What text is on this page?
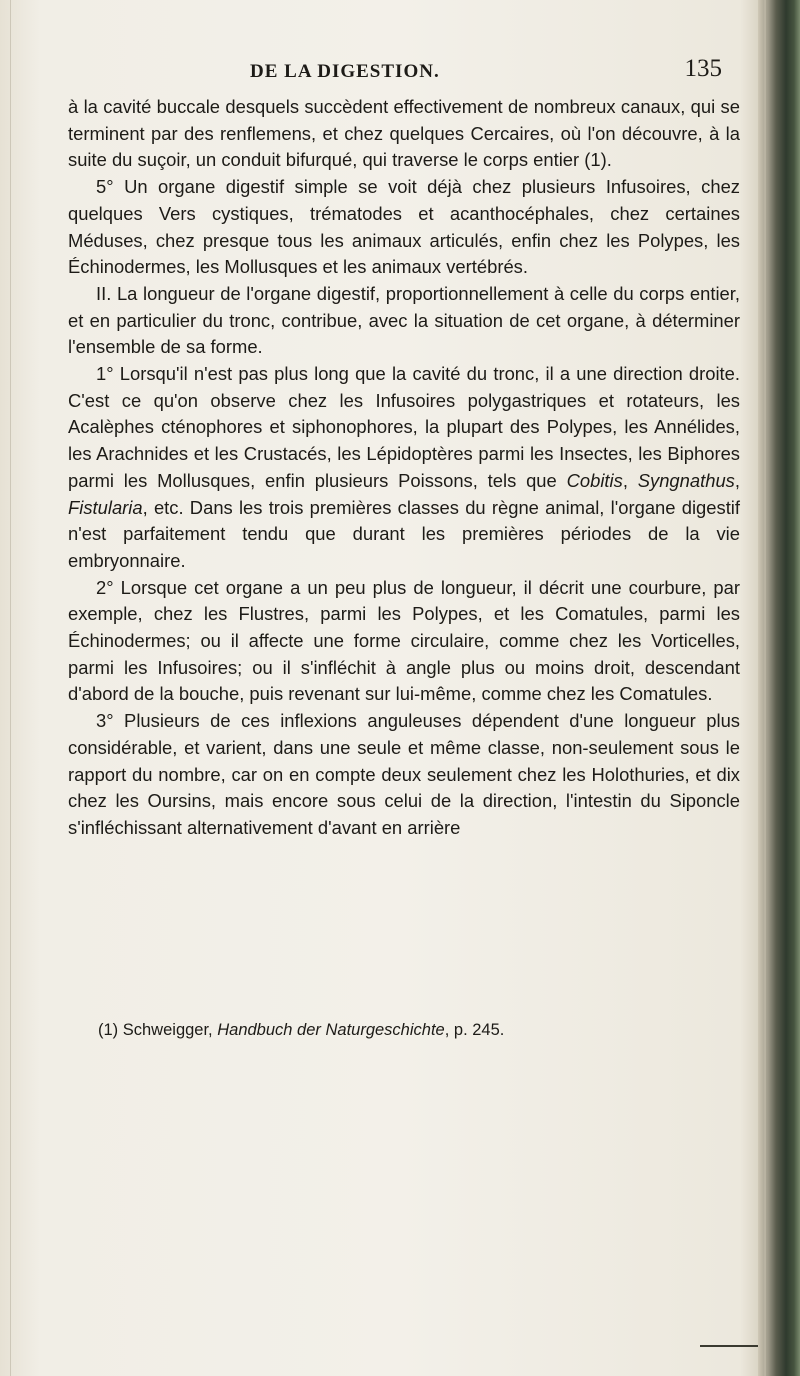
DE LA DIGESTION.	135

à la cavité buccale desquels succèdent effectivement de nombreux canaux, qui se terminent par des renflemens, et chez quelques Cercaires, où l'on découvre, à la suite du suçoir, un conduit bifurqué, qui traverse le corps entier (1).

5° Un organe digestif simple se voit déjà chez plusieurs Infusoires, chez quelques Vers cystiques, trématodes et acanthocéphales, chez certaines Méduses, chez presque tous les animaux articulés, enfin chez les Polypes, les Échinodermes, les Mollusques et les animaux vertébrés.

II. La longueur de l'organe digestif, proportionnellement à celle du corps entier, et en particulier du tronc, contribue, avec la situation de cet organe, à déterminer l'ensemble de sa forme.

1° Lorsqu'il n'est pas plus long que la cavité du tronc, il a une direction droite. C'est ce qu'on observe chez les Infusoires polygastriques et rotateurs, les Acalèphes cténophores et siphonophores, la plupart des Polypes, les Annélides, les Arachnides et les Crustacés, les Lépidoptères parmi les Insectes, les Biphores parmi les Mollusques, enfin plusieurs Poissons, tels que Cobitis, Syngnathus, Fistularia, etc. Dans les trois premières classes du règne animal, l'organe digestif n'est parfaitement tendu que durant les premières périodes de la vie embryonnaire.

2° Lorsque cet organe a un peu plus de longueur, il décrit une courbure, par exemple, chez les Flustres, parmi les Polypes, et les Comatules, parmi les Échinodermes; ou il affecte une forme circulaire, comme chez les Vorticelles, parmi les Infusoires; ou il s'infléchit à angle plus ou moins droit, descendant d'abord de la bouche, puis revenant sur lui-même, comme chez les Comatules.

3° Plusieurs de ces inflexions anguleuses dépendent d'une longueur plus considérable, et varient, dans une seule et même classe, non-seulement sous le rapport du nombre, car on en compte deux seulement chez les Holothuries, et dix chez les Oursins, mais encore sous celui de la direction, l'intestin du Siponcle s'infléchissant alternativement d'avant en arrière

(1) Schweigger, Handbuch der Naturgeschichte, p. 245.
